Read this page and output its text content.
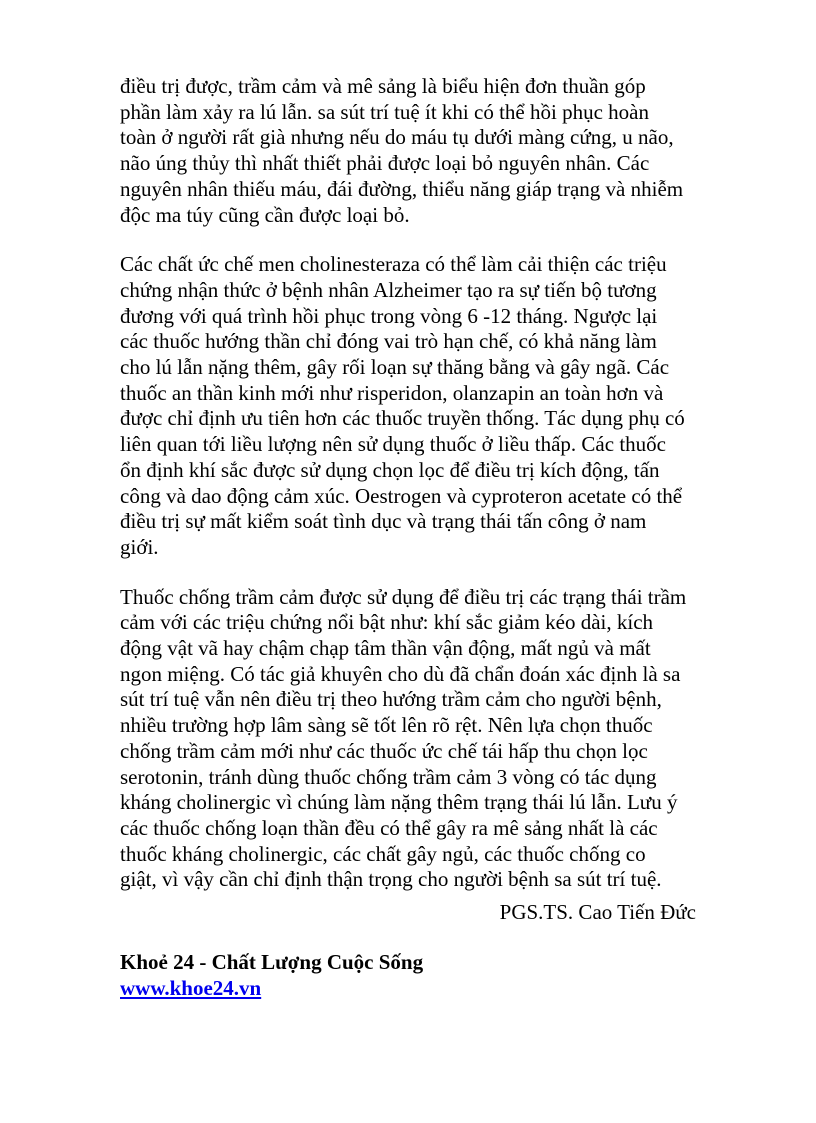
điều trị được, trầm cảm và mê sảng là biểu hiện đơn thuần góp
phần làm xảy ra lú lẫn. sa sút trí tuệ ít khi có thể hồi phục hoàn
toàn ở người rất già nhưng nếu do máu tụ dưới màng cứng, u não,
não úng thủy thì nhất thiết phải được loại bỏ nguyên nhân. Các
nguyên nhân thiếu máu, đái đường, thiểu năng giáp trạng và nhiễm
độc ma túy cũng cần được loại bỏ.

Các chất ức chế men cholinesteraza có thể làm cải thiện các triệu
chứng nhận thức ở bệnh nhân Alzheimer tạo ra sự tiến bộ tương
đương với quá trình hồi phục trong vòng 6 -12 tháng. Ngược lại
các thuốc hướng thần chỉ đóng vai trò hạn chế, có khả năng làm
cho lú lẫn nặng thêm, gây rối loạn sự thăng bằng và gây ngã. Các
thuốc an thần kinh mới như risperidon, olanzapin an toàn hơn và
được chỉ định ưu tiên hơn các thuốc truyền thống. Tác dụng phụ có
liên quan tới liều lượng nên sử dụng thuốc ở liều thấp. Các thuốc
ổn định khí sắc được sử dụng chọn lọc để điều trị kích động, tấn
công và dao động cảm xúc. Oestrogen và cyproteron acetate có thể
điều trị sự mất kiểm soát tình dục và trạng thái tấn công ở nam
giới.

Thuốc chống trầm cảm được sử dụng để điều trị các trạng thái trầm
cảm với các triệu chứng nổi bật như: khí sắc giảm kéo dài, kích
động vật vã hay chậm chạp tâm thần vận động, mất ngủ và mất
ngon miệng. Có tác giả khuyên cho dù đã chẩn đoán xác định là sa
sút trí tuệ vẫn nên điều trị theo hướng trầm cảm cho người bệnh,
nhiều trường hợp lâm sàng sẽ tốt lên rõ rệt. Nên lựa chọn thuốc
chống trầm cảm mới như các thuốc ức chế tái hấp thu chọn lọc
serotonin, tránh dùng thuốc chống trầm cảm 3 vòng có tác dụng
kháng cholinergic vì chúng làm nặng thêm trạng thái lú lẫn. Lưu ý
các thuốc chống loạn thần đều có thể gây ra mê sảng nhất là các
thuốc kháng cholinergic, các chất gây ngủ, các thuốc chống co
giật, vì vậy cần chỉ định thận trọng cho người bệnh sa sút trí tuệ.

PGS.TS. Cao Tiến Đức
Khoẻ 24 - Chất Lượng Cuộc Sống
www.khoe24.vn
